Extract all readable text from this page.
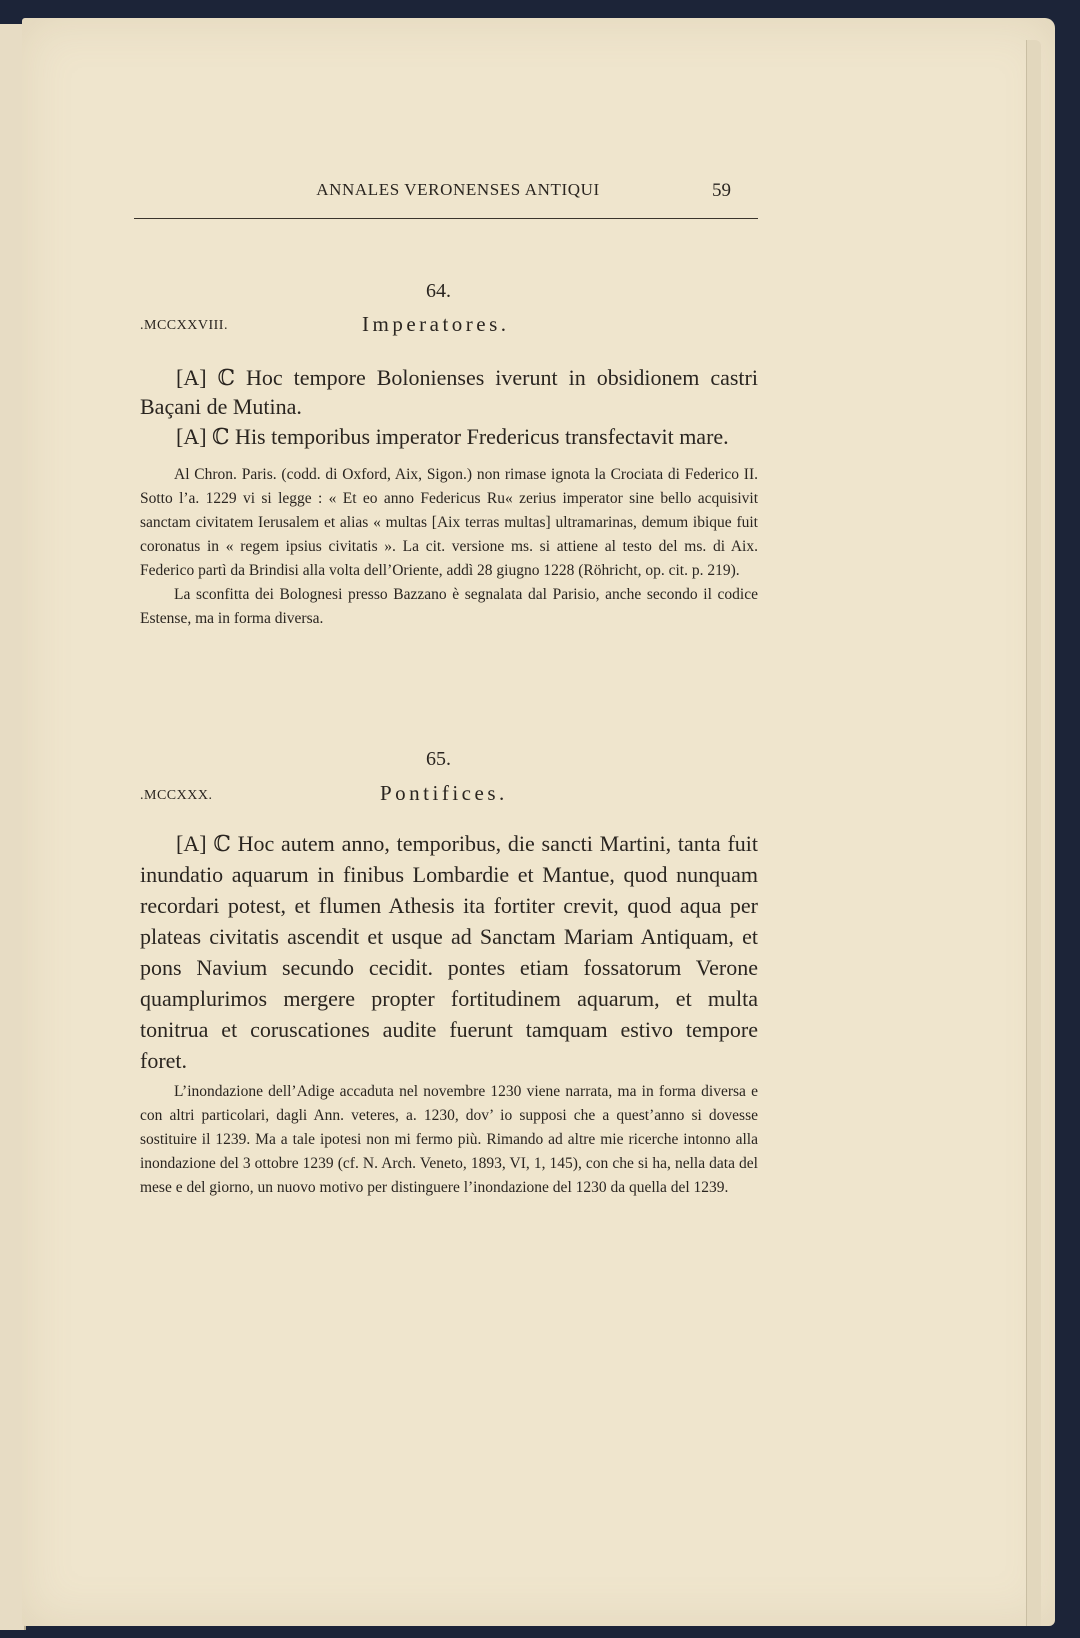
ANNALES VERONENSES ANTIQUI	59
64.
.MCCXXVIII.	Imperatores.

[A] ℂ Hoc tempore Bolonienses iverunt in obsidionem castri Baçani de Mutina.

[A] ℂ His temporibus imperator Fredericus transfectavit mare.

Al Chron. Paris. (codd. di Oxford, Aix, Sigon.) non rimase ignota la Crociata di Federico II. Sotto l’a. 1229 vi si legge : « Et eo anno Federicus Ru« zerius imperator sine bello acquisivit sanctam civitatem Ierusalem et alias « multas [Aix terras multas] ultramarinas, demum ibique fuit coronatus in « regem ipsius civitatis ». La cit. versione ms. si attiene al testo del ms. di Aix. Federico partì da Brindisi alla volta dell’Oriente, addì 28 giugno 1228 (Röhricht, op. cit. p. 219).

La sconfitta dei Bolognesi presso Bazzano è segnalata dal Parisio, anche secondo il codice Estense, ma in forma diversa.

65.
.MCCXXX.	Pontifices.

[A] ℂ Hoc autem anno, temporibus, die sancti Martini, tanta fuit inundatio aquarum in finibus Lombardie et Mantue, quod nunquam recordari potest, et flumen Athesis ita fortiter crevit, quod aqua per plateas civitatis ascendit et usque ad Sanctam Mariam Antiquam, et pons Navium secundo cecidit. pontes etiam fossatorum Verone quamplurimos mergere propter fortitudinem aquarum, et multa tonitrua et coruscationes audite fuerunt tamquam estivo tempore foret.

L’inondazione dell’Adige accaduta nel novembre 1230 viene narrata, ma in forma diversa e con altri particolari, dagli Ann. veteres, a. 1230, dov’ io supposi che a quest’anno si dovesse sostituire il 1239. Ma a tale ipotesi non mi fermo più. Rimando ad altre mie ricerche intonno alla inondazione del 3 ottobre 1239 (cf. N. Arch. Veneto, 1893, VI, 1, 145), con che si ha, nella data del mese e del giorno, un nuovo motivo per distinguere l’inondazione del 1230 da quella del 1239.
